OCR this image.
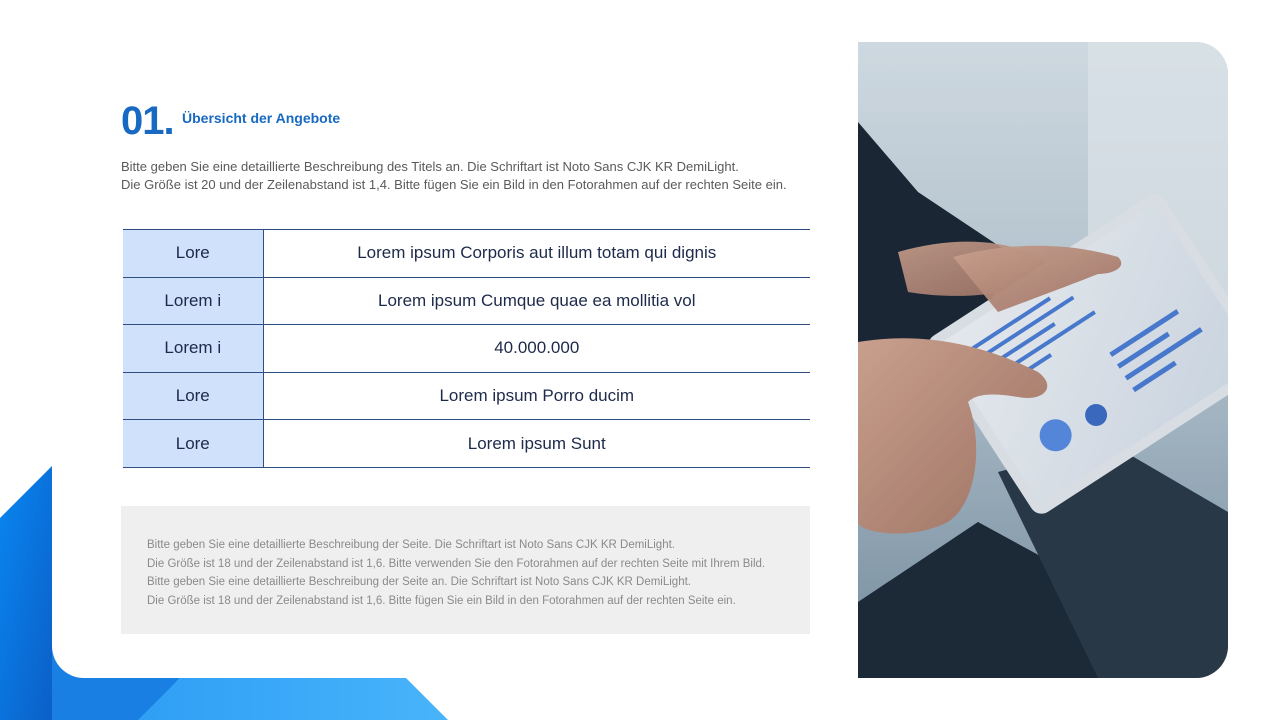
01. Übersicht der Angebote
Bitte geben Sie eine detaillierte Beschreibung des Titels an. Die Schriftart ist Noto Sans CJK KR DemiLight.
Die Größe ist 20 und der Zeilenabstand ist 1,4. Bitte fügen Sie ein Bild in den Fotorahmen auf der rechten Seite ein.
Lore	Lorem ipsum Corporis aut illum totam qui dignis
Lorem i	Lorem ipsum Cumque quae ea mollitia vol
Lorem i	40.000.000
Lore	Lorem ipsum Porro ducim
Lore	Lorem ipsum Sunt
Bitte geben Sie eine detaillierte Beschreibung der Seite. Die Schriftart ist Noto Sans CJK KR DemiLight.
Die Größe ist 18 und der Zeilenabstand ist 1,6. Bitte verwenden Sie den Fotorahmen auf der rechten Seite mit Ihrem Bild.
Bitte geben Sie eine detaillierte Beschreibung der Seite an. Die Schriftart ist Noto Sans CJK KR DemiLight.
Die Größe ist 18 und der Zeilenabstand ist 1,6. Bitte fügen Sie ein Bild in den Fotorahmen auf der rechten Seite ein.
